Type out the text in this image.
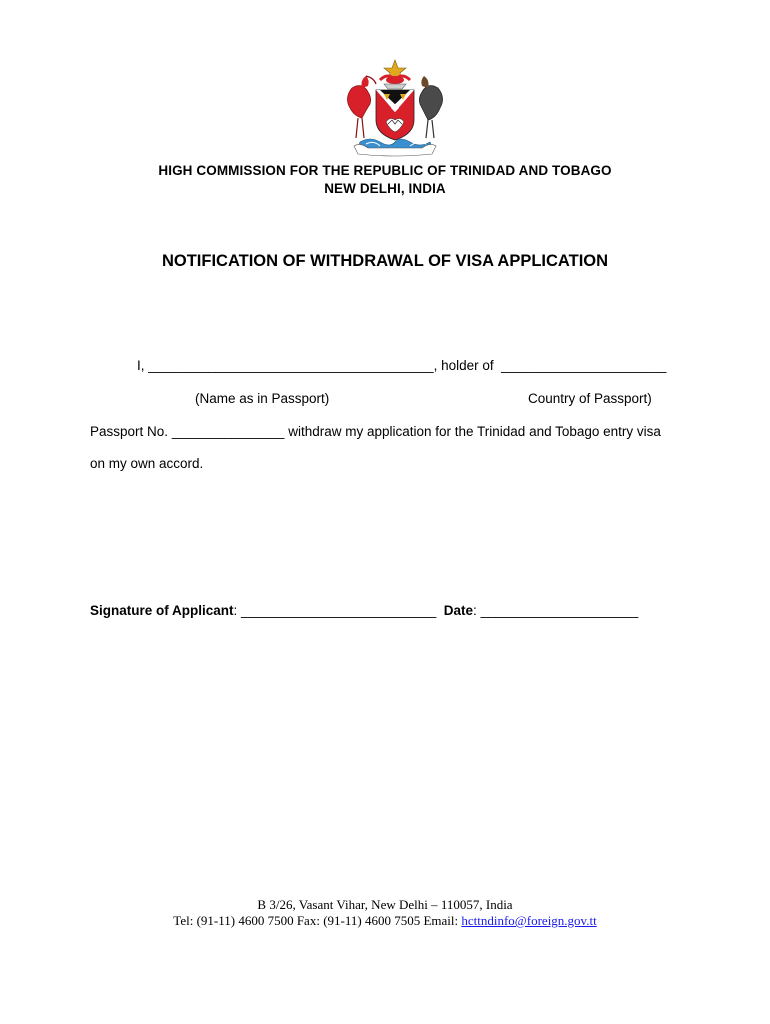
HIGH COMMISSION FOR THE REPUBLIC OF TRINIDAD AND TOBAGO
NEW DELHI, INDIA
NOTIFICATION OF WITHDRAWAL OF VISA APPLICATION
I, ______________________________________, holder of ______________________
(Name as in Passport)	Country of Passport)
Passport No. _______________ withdraw my application for the Trinidad and Tobago entry visa
on my own accord.
Signature of Applicant: __________________________ Date: _____________________
B 3/26, Vasant Vihar, New Delhi – 110057, India
Tel: (91-11) 4600 7500 Fax: (91-11) 4600 7505 Email: hcttndinfo@foreign.gov.tt
